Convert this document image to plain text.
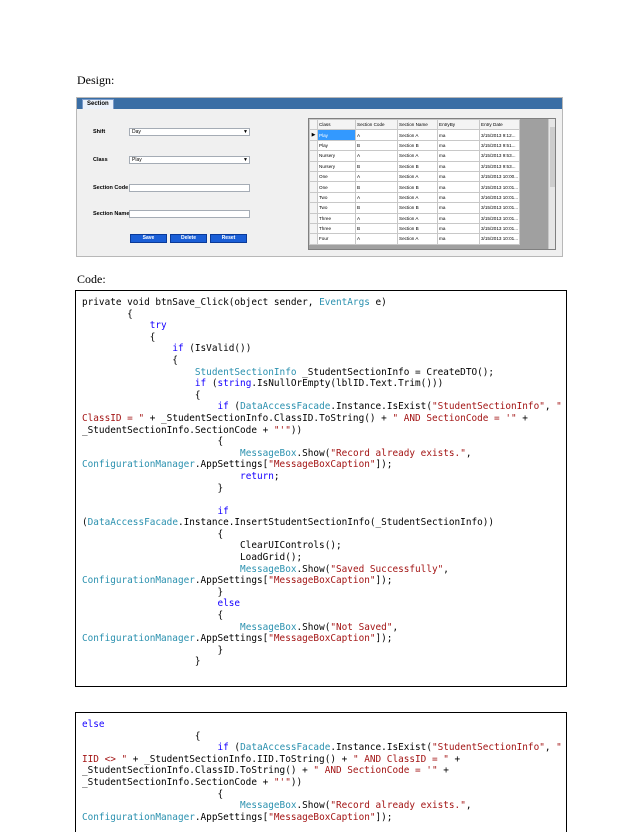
Design:
Section
Shift	Day	▼
Class	Play	▼
Section Code
Section Name
Save	Delete	Reset
	Class	Section Code	Section Name	EntryBy	Entry Date
▶	Play	A	Section A	ma	3/15/2013 9:12...
	Play	B	Section B	ma	3/15/2013 9:51...
	Nursery	A	Section A	ma	3/15/2013 9:53...
	Nursery	B	Section B	ma	3/15/2013 9:53...
	One	A	Section A	ma	3/15/2013 10:00...
	One	B	Section B	ma	3/15/2013 10:01...
	Two	A	Section A	ma	3/16/2013 10:01...
	Two	B	Section B	ma	3/15/2013 10:01...
	Three	A	Section A	ma	3/15/2013 10:01...
	Three	B	Section B	ma	3/15/2013 10:01...
	Four	A	Section A	ma	3/15/2013 10:01...
Code:
private void btnSave_Click(object sender, EventArgs e)
{
try
{
if (IsValid())
{
StudentSectionInfo _StudentSectionInfo = CreateDTO();
if (string.IsNullOrEmpty(lblID.Text.Trim()))
{
if (DataAccessFacade.Instance.IsExist("StudentSectionInfo", "
ClassID = " + _StudentSectionInfo.ClassID.ToString() + " AND SectionCode = '" +
_StudentSectionInfo.SectionCode + "'"))
{
MessageBox.Show("Record already exists.",
ConfigurationManager.AppSettings["MessageBoxCaption"]);
return;
}
if
(DataAccessFacade.Instance.InsertStudentSectionInfo(_StudentSectionInfo))
{
ClearUIControls();
LoadGrid();
MessageBox.Show("Saved Successfully",
ConfigurationManager.AppSettings["MessageBoxCaption"]);
}
else
{
MessageBox.Show("Not Saved",
ConfigurationManager.AppSettings["MessageBoxCaption"]);
}
}
else
{
if (DataAccessFacade.Instance.IsExist("StudentSectionInfo", "
IID <> " + _StudentSectionInfo.IID.ToString() + " AND ClassID = " +
_StudentSectionInfo.ClassID.ToString() + " AND SectionCode = '" +
_StudentSectionInfo.SectionCode + "'"))
{
MessageBox.Show("Record already exists.",
ConfigurationManager.AppSettings["MessageBoxCaption"]);
